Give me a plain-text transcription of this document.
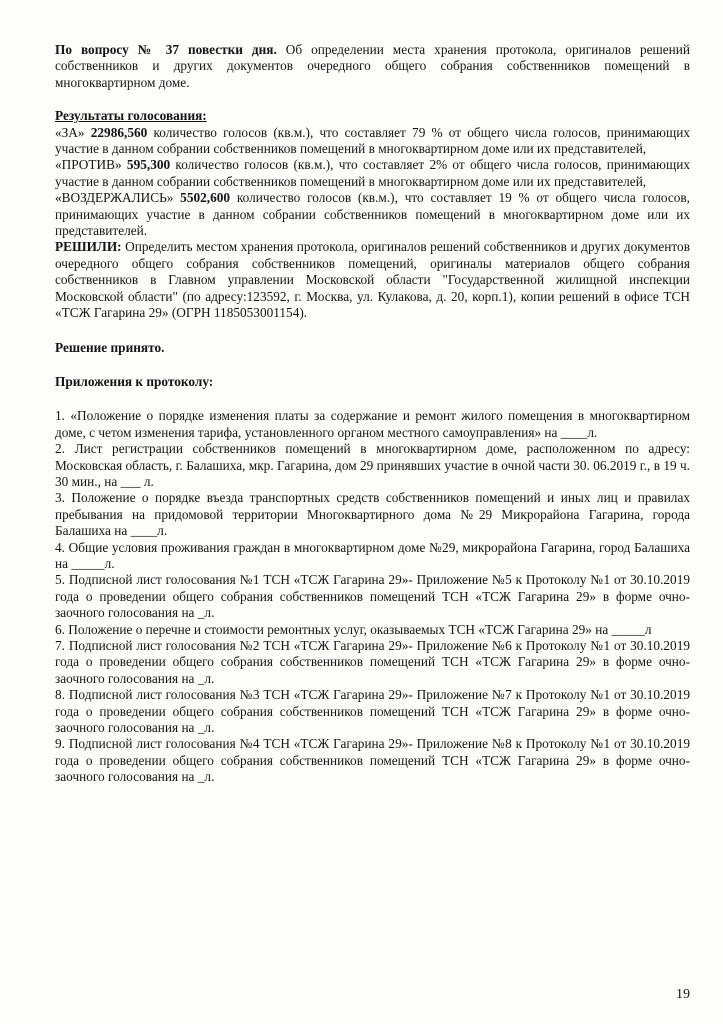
По вопросу № 37 повестки дня. Об определении места хранения протокола, оригиналов решений собственников и других документов очередного общего собрания собственников помещений в многоквартирном доме.

Результаты голосования:

«ЗА» 22986,560 количество голосов (кв.м.), что составляет 79 % от общего числа голосов, принимающих участие в данном собрании собственников помещений в многоквартирном доме или их представителей,

«ПРОТИВ» 595,300 количество голосов (кв.м.), что составляет 2% от общего числа голосов, принимающих участие в данном собрании собственников помещений в многоквартирном доме или их представителей,

«ВОЗДЕРЖАЛИСЬ» 5502,600 количество голосов (кв.м.), что составляет 19 % от общего числа голосов, принимающих участие в данном собрании собственников помещений в многоквартирном доме или их представителей.

РЕШИЛИ: Определить местом хранения протокола, оригиналов решений собственников и других документов очередного общего собрания собственников помещений, оригиналы материалов общего собрания собственников в Главном управлении Московской области "Государственной жилищной инспекции Московской области" (по адресу:123592, г. Москва, ул. Кулакова, д. 20, корп.1), копии решений в офисе ТСН «ТСЖ Гагарина 29» (ОГРН 1185053001154).

Решение принято.

Приложения к протоколу:

1. «Положение о порядке изменения платы за содержание и ремонт жилого помещения в многоквартирном доме, с четом изменения тарифа, установленного органом местного самоуправления» на ____л.

2. Лист регистрации собственников помещений в многоквартирном доме, расположенном по адресу: Московская область, г. Балашиха, мкр. Гагарина, дом 29 принявших участие в очной части 30. 06.2019 г., в 19 ч. 30 мин., на ___ л.

3. Положение о порядке въезда транспортных средств собственников помещений и иных лиц и правилах пребывания на придомовой территории Многоквартирного дома №29 Микрорайона Гагарина, города Балашиха на ____л.

4. Общие условия проживания граждан в многоквартирном доме №29, микрорайона Гагарина, город Балашиха на _____л.

5. Подписной лист голосования №1 ТСН «ТСЖ Гагарина 29»- Приложение №5 к Протоколу №1 от 30.10.2019 года о проведении общего собрания собственников помещений ТСН «ТСЖ Гагарина 29» в форме очно-заочного голосования на _л.

6. Положение о перечне и стоимости ремонтных услуг, оказываемых ТСН «ТСЖ Гагарина 29» на _____л

7. Подписной лист голосования №2 ТСН «ТСЖ Гагарина 29»- Приложение №6 к Протоколу №1 от 30.10.2019 года о проведении общего собрания собственников помещений ТСН «ТСЖ Гагарина 29» в форме очно-заочного голосования на _л.

8. Подписной лист голосования №3 ТСН «ТСЖ Гагарина 29»- Приложение №7 к Протоколу №1 от 30.10.2019 года о проведении общего собрания собственников помещений ТСН «ТСЖ Гагарина 29» в форме очно-заочного голосования на _л.

9. Подписной лист голосования №4 ТСН «ТСЖ Гагарина 29»- Приложение №8 к Протоколу №1 от 30.10.2019 года о проведении общего собрания собственников помещений ТСН «ТСЖ Гагарина 29» в форме очно-заочного голосования на _л.

19
